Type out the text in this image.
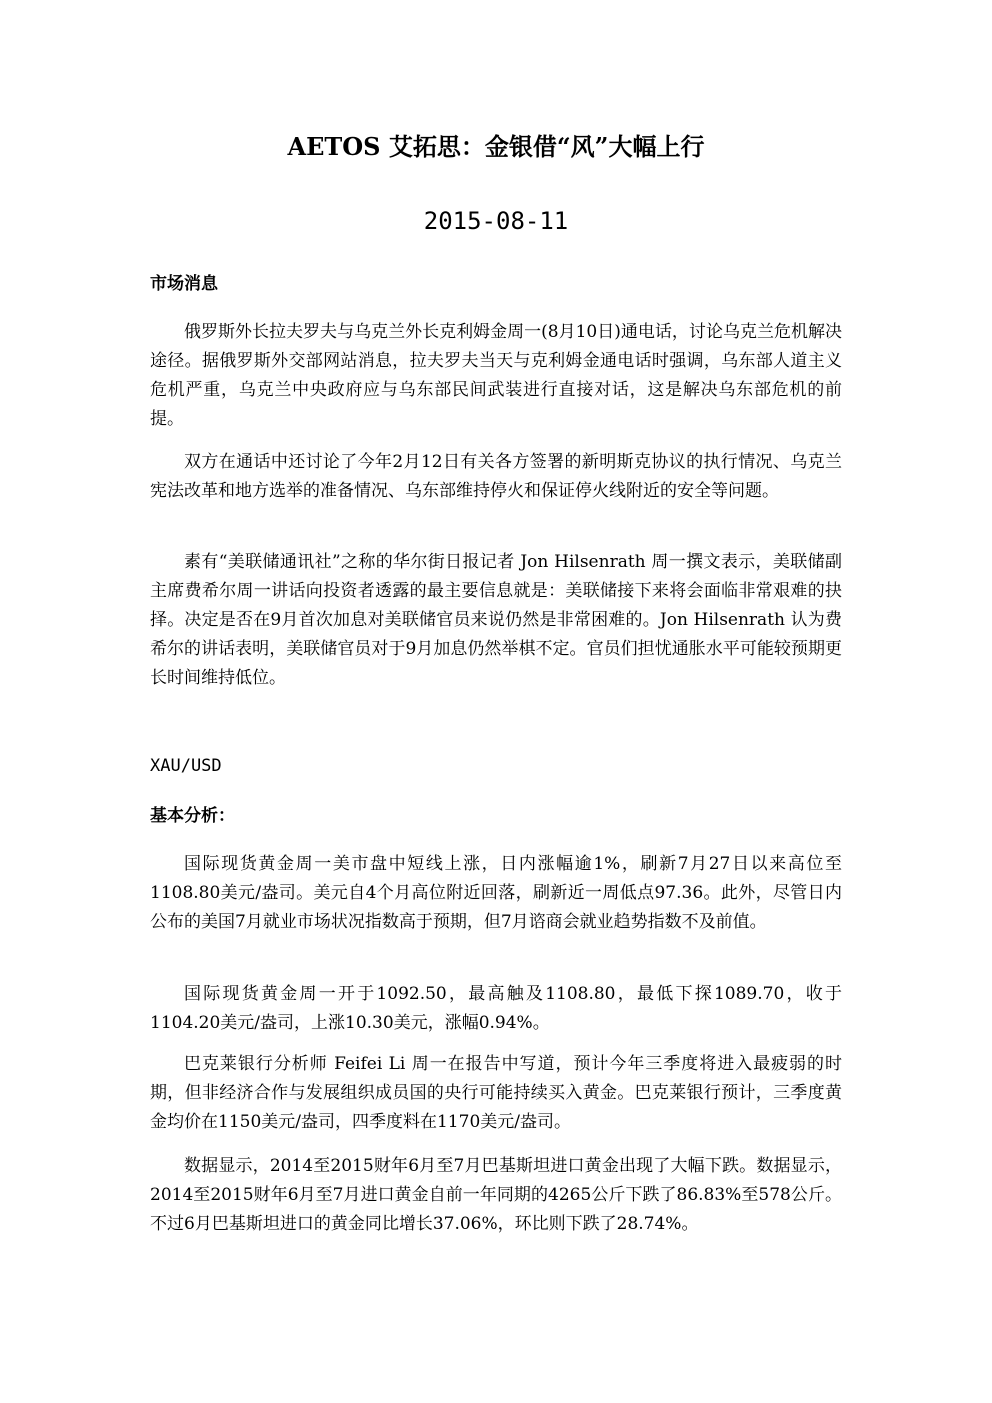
AETOS 艾拓思：金银借“风”大幅上行
2015-08-11
市场消息

俄罗斯外长拉夫罗夫与乌克兰外长克利姆金周一(8月10日)通电话，讨论乌克兰危机解决途径。据俄罗斯外交部网站消息，拉夫罗夫当天与克利姆金通电话时强调，乌东部人道主义危机严重，乌克兰中央政府应与乌东部民间武装进行直接对话，这是解决乌东部危机的前提。

双方在通话中还讨论了今年2月12日有关各方签署的新明斯克协议的执行情况、乌克兰宪法改革和地方选举的准备情况、乌东部维持停火和保证停火线附近的安全等问题。

素有“美联储通讯社”之称的华尔街日报记者 Jon Hilsenrath 周一撰文表示，美联储副主席费希尔周一讲话向投资者透露的最主要信息就是：美联储接下来将会面临非常艰难的抉择。决定是否在9月首次加息对美联储官员来说仍然是非常困难的。Jon Hilsenrath 认为费希尔的讲话表明，美联储官员对于9月加息仍然举棋不定。官员们担忧通胀水平可能较预期更长时间维持低位。

XAU/USD
基本分析：

国际现货黄金周一美市盘中短线上涨，日内涨幅逾1%，刷新7月27日以来高位至1108.80美元/盎司。美元自4个月高位附近回落，刷新近一周低点97.36。此外，尽管日内公布的美国7月就业市场状况指数高于预期，但7月谘商会就业趋势指数不及前值。

国际现货黄金周一开于1092.50，最高触及1108.80，最低下探1089.70，收于1104.20美元/盎司，上涨10.30美元，涨幅0.94%。

巴克莱银行分析师 Feifei Li 周一在报告中写道，预计今年三季度将进入最疲弱的时期，但非经济合作与发展组织成员国的央行可能持续买入黄金。巴克莱银行预计，三季度黄金均价在1150美元/盎司，四季度料在1170美元/盎司。

数据显示，2014至2015财年6月至7月巴基斯坦进口黄金出现了大幅下跌。数据显示，2014至2015财年6月至7月进口黄金自前一年同期的4265公斤下跌了86.83%至578公斤。不过6月巴基斯坦进口的黄金同比增长37.06%，环比则下跌了28.74%。
